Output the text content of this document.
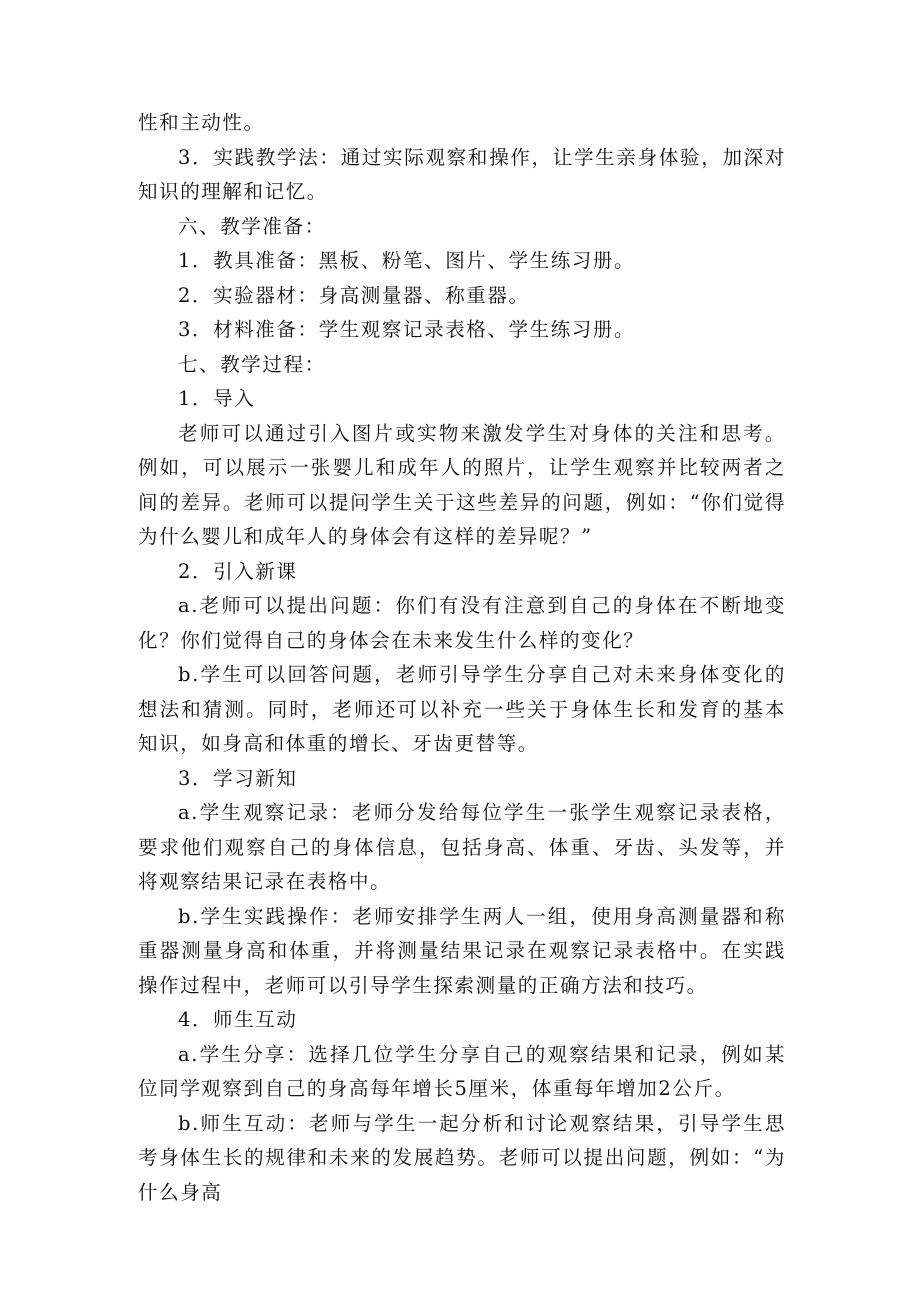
性和主动性。

3．实践教学法：通过实际观察和操作，让学生亲身体验，加深对知识的理解和记忆。

六、教学准备：

1．教具准备：黑板、粉笔、图片、学生练习册。

2．实验器材：身高测量器、称重器。

3．材料准备：学生观察记录表格、学生练习册。

七、教学过程：

1．导入

老师可以通过引入图片或实物来激发学生对身体的关注和思考。例如，可以展示一张婴儿和成年人的照片，让学生观察并比较两者之间的差异。老师可以提问学生关于这些差异的问题，例如：“你们觉得为什么婴儿和成年人的身体会有这样的差异呢？”

2．引入新课

a.老师可以提出问题：你们有没有注意到自己的身体在不断地变化？你们觉得自己的身体会在未来发生什么样的变化？

b.学生可以回答问题，老师引导学生分享自己对未来身体变化的想法和猜测。同时，老师还可以补充一些关于身体生长和发育的基本知识，如身高和体重的增长、牙齿更替等。

3．学习新知

a.学生观察记录：老师分发给每位学生一张学生观察记录表格，要求他们观察自己的身体信息，包括身高、体重、牙齿、头发等，并将观察结果记录在表格中。

b.学生实践操作：老师安排学生两人一组，使用身高测量器和称重器测量身高和体重，并将测量结果记录在观察记录表格中。在实践操作过程中，老师可以引导学生探索测量的正确方法和技巧。

4．师生互动

a.学生分享：选择几位学生分享自己的观察结果和记录，例如某位同学观察到自己的身高每年增长5厘米，体重每年增加2公斤。

b.师生互动：老师与学生一起分析和讨论观察结果，引导学生思考身体生长的规律和未来的发展趋势。老师可以提出问题，例如：“为什么身高
